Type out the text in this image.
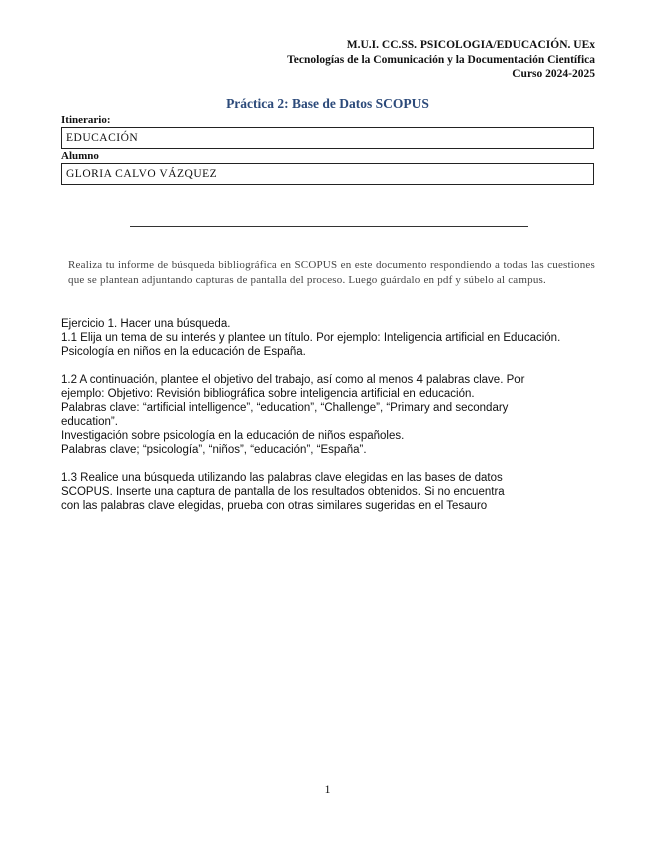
M.U.I. CC.SS. PSICOLOGIA/EDUCACIÓN. UEx
Tecnologías de la Comunicación y la Documentación Científica
Curso 2024-2025
Práctica 2: Base de Datos SCOPUS
Itinerario:
EDUCACIÓN
Alumno
GLORIA CALVO VÁZQUEZ
Realiza tu informe de búsqueda bibliográfica en SCOPUS en este documento respondiendo a todas las cuestiones que se plantean adjuntando capturas de pantalla del proceso. Luego guárdalo en pdf y súbelo al campus.
Ejercicio 1. Hacer una búsqueda.
1.1 Elija un tema de su interés y plantee un título. Por ejemplo: Inteligencia artificial en Educación.
Psicología en niños en la educación de España.
1.2 A continuación, plantee el objetivo del trabajo, así como al menos 4 palabras clave. Por
ejemplo: Objetivo: Revisión bibliográfica sobre inteligencia artificial en educación.
Palabras clave: “artificial intelligence”, “education”, “Challenge”, “Primary and secondary
education”.
Investigación sobre psicología en la educación de niños españoles.
Palabras clave; “psicología”, “niños”, “educación”, “España”.
1.3 Realice una búsqueda utilizando las palabras clave elegidas en las bases de datos
SCOPUS. Inserte una captura de pantalla de los resultados obtenidos. Si no encuentra
con las palabras clave elegidas, prueba con otras similares sugeridas en el Tesauro
1
